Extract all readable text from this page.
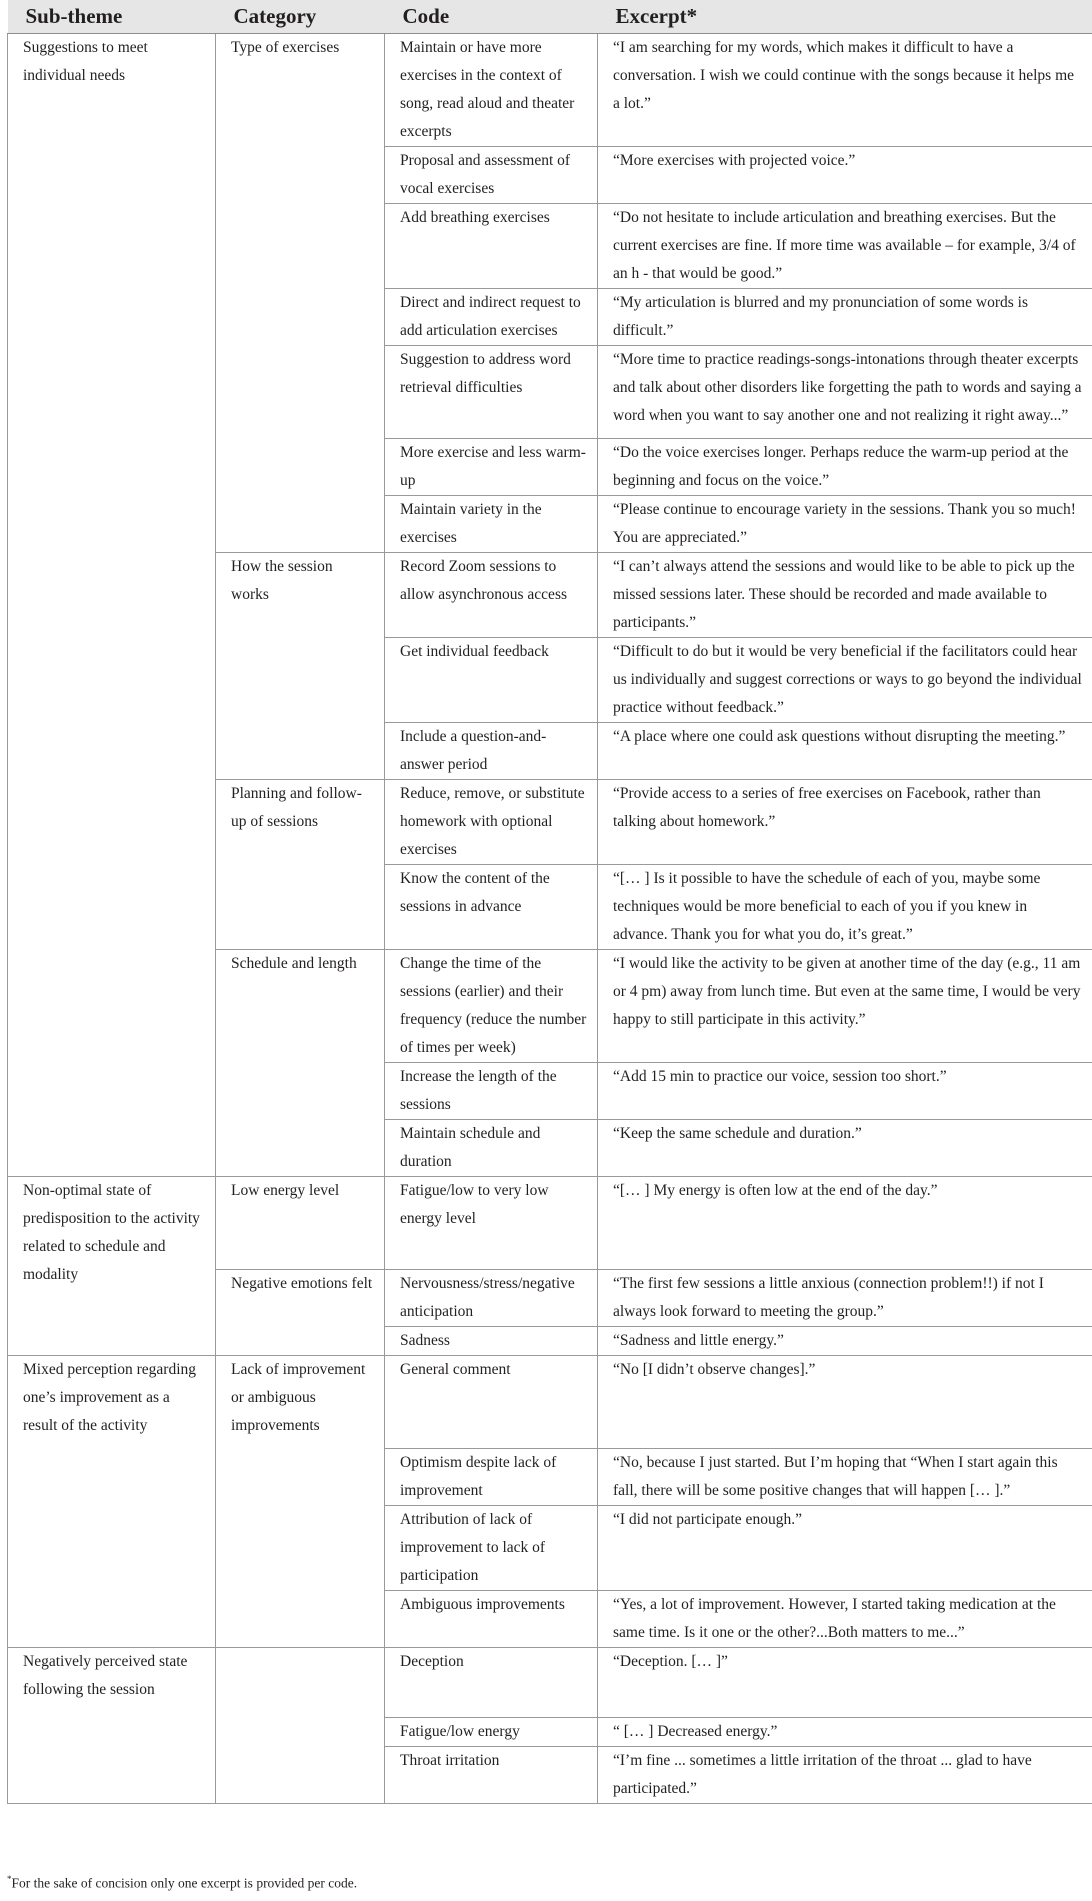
Sub-theme	Category	Code	Excerpt*
Suggestions to meet individual needs	Type of exercises	Maintain or have more exercises in the context of song, read aloud and theater excerpts	“I am searching for my words, which makes it difficult to have a conversation. I wish we could continue with the songs because it helps me a lot.”
		Proposal and assessment of vocal exercises	“More exercises with projected voice.”
		Add breathing exercises	“Do not hesitate to include articulation and breathing exercises. But the current exercises are fine. If more time was available – for example, 3/4 of an h - that would be good.”
		Direct and indirect request to add articulation exercises	“My articulation is blurred and my pronunciation of some words is difficult.”
		Suggestion to address word retrieval difficulties	“More time to practice readings-songs-intonations through theater excerpts and talk about other disorders like forgetting the path to words and saying a word when you want to say another one and not realizing it right away...”
		More exercise and less warm-up	“Do the voice exercises longer. Perhaps reduce the warm-up period at the beginning and focus on the voice.”
		Maintain variety in the exercises	“Please continue to encourage variety in the sessions. Thank you so much! You are appreciated.”
	How the session works	Record Zoom sessions to allow asynchronous access	“I can’t always attend the sessions and would like to be able to pick up the missed sessions later. These should be recorded and made available to participants.”
		Get individual feedback	“Difficult to do but it would be very beneficial if the facilitators could hear us individually and suggest corrections or ways to go beyond the individual practice without feedback.”
		Include a question-and-answer period	“A place where one could ask questions without disrupting the meeting.”
	Planning and follow-up of sessions	Reduce, remove, or substitute homework with optional exercises	“Provide access to a series of free exercises on Facebook, rather than talking about homework.”
		Know the content of the sessions in advance	“[… ] Is it possible to have the schedule of each of you, maybe some techniques would be more beneficial to each of you if you knew in advance. Thank you for what you do, it’s great.”
	Schedule and length	Change the time of the sessions (earlier) and their frequency (reduce the number of times per week)	“I would like the activity to be given at another time of the day (e.g., 11 am or 4 pm) away from lunch time. But even at the same time, I would be very happy to still participate in this activity.”
		Increase the length of the sessions	“Add 15 min to practice our voice, session too short.”
		Maintain schedule and duration	“Keep the same schedule and duration.”
Non-optimal state of predisposition to the activity related to schedule and modality	Low energy level	Fatigue/low to very low energy level	“[… ] My energy is often low at the end of the day.”
	Negative emotions felt	Nervousness/stress/negative anticipation	“The first few sessions a little anxious (connection problem!!) if not I always look forward to meeting the group.”
		Sadness	“Sadness and little energy.”
Mixed perception regarding one’s improvement as a result of the activity	Lack of improvement or ambiguous improvements	General comment	“No [I didn’t observe changes].”
		Optimism despite lack of improvement	“No, because I just started. But I’m hoping that “When I start again this fall, there will be some positive changes that will happen [… ].”
		Attribution of lack of improvement to lack of participation	“I did not participate enough.”
		Ambiguous improvements	“Yes, a lot of improvement. However, I started taking medication at the same time. Is it one or the other?...Both matters to me...”
Negatively perceived state following the session		Deception	“Deception. [… ]”
		Fatigue/low energy	“ [… ] Decreased energy.”
		Throat irritation	“I’m fine ... sometimes a little irritation of the throat ... glad to have participated.”
*For the sake of concision only one excerpt is provided per code.
